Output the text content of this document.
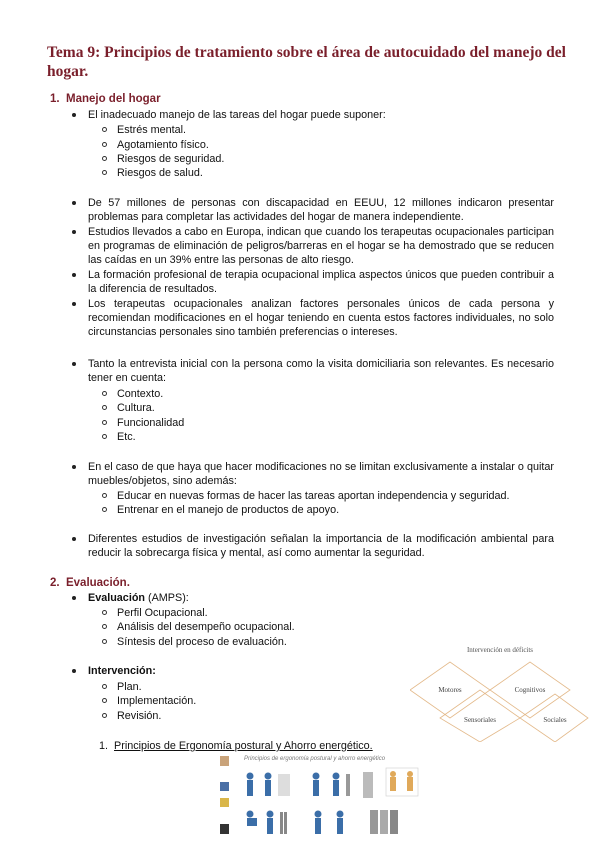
Tema 9: Principios de tratamiento sobre el área de autocuidado del manejo del hogar.
1. Manejo del hogar
El inadecuado manejo de las tareas del hogar puede suponer:
Estrés mental.
Agotamiento físico.
Riesgos de seguridad.
Riesgos de salud.
De 57 millones de personas con discapacidad en EEUU, 12 millones indicaron presentar problemas para completar las actividades del hogar de manera independiente.
Estudios llevados a cabo en Europa, indican que cuando los terapeutas ocupacionales participan en programas de eliminación de peligros/barreras en el hogar se ha demostrado que se reducen las caídas en un 39% entre las personas de alto riesgo.
La formación profesional de terapia ocupacional implica aspectos únicos que pueden contribuir a la diferencia de resultados.
Los terapeutas ocupacionales analizan factores personales únicos de cada persona y recomiendan modificaciones en el hogar teniendo en cuenta estos factores individuales, no solo circunstancias personales sino también preferencias o intereses.
Tanto la entrevista inicial con la persona como la visita domiciliaria son relevantes. Es necesario tener en cuenta:
Contexto.
Cultura.
Funcionalidad
Etc.
En el caso de que haya que hacer modificaciones no se limitan exclusivamente a instalar o quitar muebles/objetos, sino además:
Educar en nuevas formas de hacer las tareas aportan independencia y seguridad.
Entrenar en el manejo de productos de apoyo.
Diferentes estudios de investigación señalan la importancia de la modificación ambiental para reducir la sobrecarga física y mental, así como aumentar la seguridad.
2. Evaluación.
Evaluación (AMPS):
Perfil Ocupacional.
Análisis del desempeño ocupacional.
Síntesis del proceso de evaluación.
Intervención:
Plan.
Implementación.
Revisión.
1. Principios de Ergonomía postural y Ahorro energético.
Intervención en déficits
Motores	Cognitivos
Sensoriales	Sociales
Principios de ergonomía postural y ahorro energético
